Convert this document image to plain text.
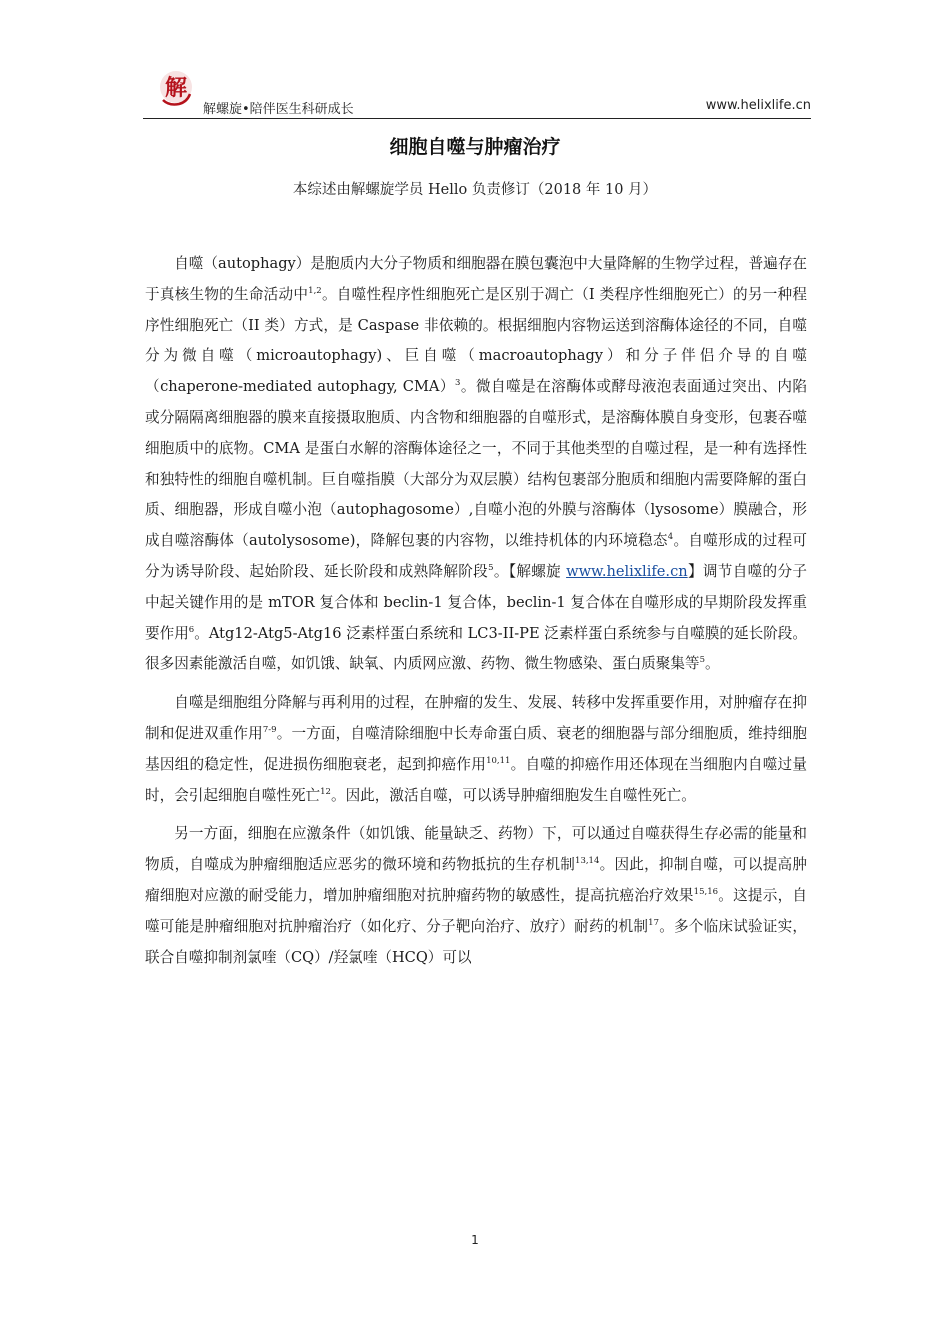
解
解螺旋•陪伴医生科研成长	www.helixlife.cn
细胞自噬与肿瘤治疗
本综述由解螺旋学员 Hello 负责修订（2018 年 10 月）

自噬（autophagy）是胞质内大分子物质和细胞器在膜包囊泡中大量降解的生物学过程，普遍存在于真核生物的生命活动中$^{1,2}$。自噬性程序性细胞死亡是区别于凋亡（I 类程序性细胞死亡）的另一种程序性细胞死亡（II 类）方式，是 Caspase 非依赖的。根据细胞内容物运送到溶酶体途径的不同，自噬分为微自噬（microautophagy)、巨自噬（macroautophagy）和分子伴侣介导的自噬（chaperone-mediated autophagy, CMA）$^3$。微自噬是在溶酶体或酵母液泡表面通过突出、内陷或分隔隔离细胞器的膜来直接摄取胞质、内含物和细胞器的自噬形式，是溶酶体膜自身变形，包裹吞噬细胞质中的底物。CMA 是蛋白水解的溶酶体途径之一，不同于其他类型的自噬过程，是一种有选择性和独特性的细胞自噬机制。巨自噬指膜（大部分为双层膜）结构包裹部分胞质和细胞内需要降解的蛋白质、细胞器，形成自噬小泡（autophagosome）,自噬小泡的外膜与溶酶体（lysosome）膜融合，形成自噬溶酶体（autolysosome)，降解包裹的内容物，以维持机体的内环境稳态$^4$。自噬形成的过程可分为诱导阶段、起始阶段、延长阶段和成熟降解阶段$^5$。【解螺旋 www.helixlife.cn】调节自噬的分子中起关键作用的是 mTOR 复合体和 beclin-1 复合体，beclin-1 复合体在自噬形成的早期阶段发挥重要作用$^6$。Atg12-Atg5-Atg16 泛素样蛋白系统和 LC3-II-PE 泛素样蛋白系统参与自噬膜的延长阶段。很多因素能激活自噬，如饥饿、缺氧、内质网应激、药物、微生物感染、蛋白质聚集等$^5$。

自噬是细胞组分降解与再利用的过程，在肿瘤的发生、发展、转移中发挥重要作用，对肿瘤存在抑制和促进双重作用$^{7-9}$。一方面，自噬清除细胞中长寿命蛋白质、衰老的细胞器与部分细胞质，维持细胞基因组的稳定性，促进损伤细胞衰老，起到抑癌作用$^{10,11}$。自噬的抑癌作用还体现在当细胞内自噬过量时，会引起细胞自噬性死亡$^{12}$。因此，激活自噬，可以诱导肿瘤细胞发生自噬性死亡。

另一方面，细胞在应激条件（如饥饿、能量缺乏、药物）下，可以通过自噬获得生存必需的能量和物质，自噬成为肿瘤细胞适应恶劣的微环境和药物抵抗的生存机制$^{13,14}$。因此，抑制自噬，可以提高肿瘤细胞对应激的耐受能力，增加肿瘤细胞对抗肿瘤药物的敏感性，提高抗癌治疗效果$^{15,16}$。这提示，自噬可能是肿瘤细胞对抗肿瘤治疗（如化疗、分子靶向治疗、放疗）耐药的机制$^{17}$。多个临床试验证实，联合自噬抑制剂氯喹（CQ）/羟氯喹（HCQ）可以

1
